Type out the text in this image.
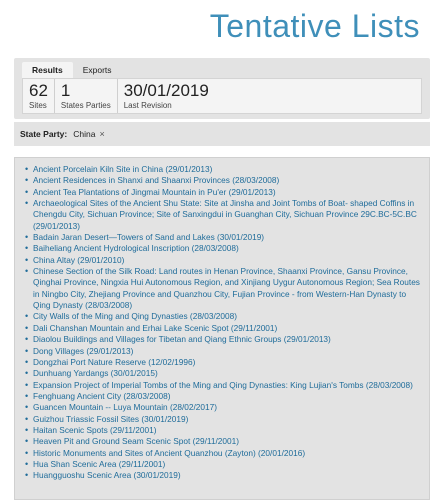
Tentative Lists
Results	Exports
62
Sites
1
States Parties
30/01/2019
Last Revision
State Party: China ×
• Ancient Porcelain Kiln Site in China (29/01/2013)
• Ancient Residences in Shanxi and Shaanxi Provinces (28/03/2008)
• Ancient Tea Plantations of Jingmai Mountain in Pu'er (29/01/2013)
• Archaeological Sites of the Ancient Shu State: Site at Jinsha and Joint Tombs of Boat- shaped Coffins in Chengdu City, Sichuan Province; Site of Sanxingdui in Guanghan City, Sichuan Province 29C.BC-5C.BC (29/01/2013)
• Badain Jaran Desert—Towers of Sand and Lakes (30/01/2019)
• Baiheliang Ancient Hydrological Inscription (28/03/2008)
• China Altay (29/01/2010)
• Chinese Section of the Silk Road: Land routes in Henan Province, Shaanxi Province, Gansu Province, Qinghai Province, Ningxia Hui Autonomous Region, and Xinjiang Uygur Autonomous Region; Sea Routes in Ningbo City, Zhejiang Province and Quanzhou City, Fujian Province - from Western-Han Dynasty to Qing Dynasty (28/03/2008)
• City Walls of the Ming and Qing Dynasties (28/03/2008)
• Dali Chanshan Mountain and Erhai Lake Scenic Spot (29/11/2001)
• Diaolou Buildings and Villages for Tibetan and Qiang Ethnic Groups (29/01/2013)
• Dong Villages (29/01/2013)
• Dongzhai Port Nature Reserve (12/02/1996)
• Dunhuang Yardangs (30/01/2015)
• Expansion Project of Imperial Tombs of the Ming and Qing Dynasties: King Lujian's Tombs (28/03/2008)
• Fenghuang Ancient City (28/03/2008)
• Guancen Mountain -- Luya Mountain (28/02/2017)
• Guizhou Triassic Fossil Sites (30/01/2019)
• Haitan Scenic Spots (29/11/2001)
• Heaven Pit and Ground Seam Scenic Spot (29/11/2001)
• Historic Monuments and Sites of Ancient Quanzhou (Zayton) (20/01/2016)
• Hua Shan Scenic Area (29/11/2001)
• Huangguoshu Scenic Area (30/01/2019)
